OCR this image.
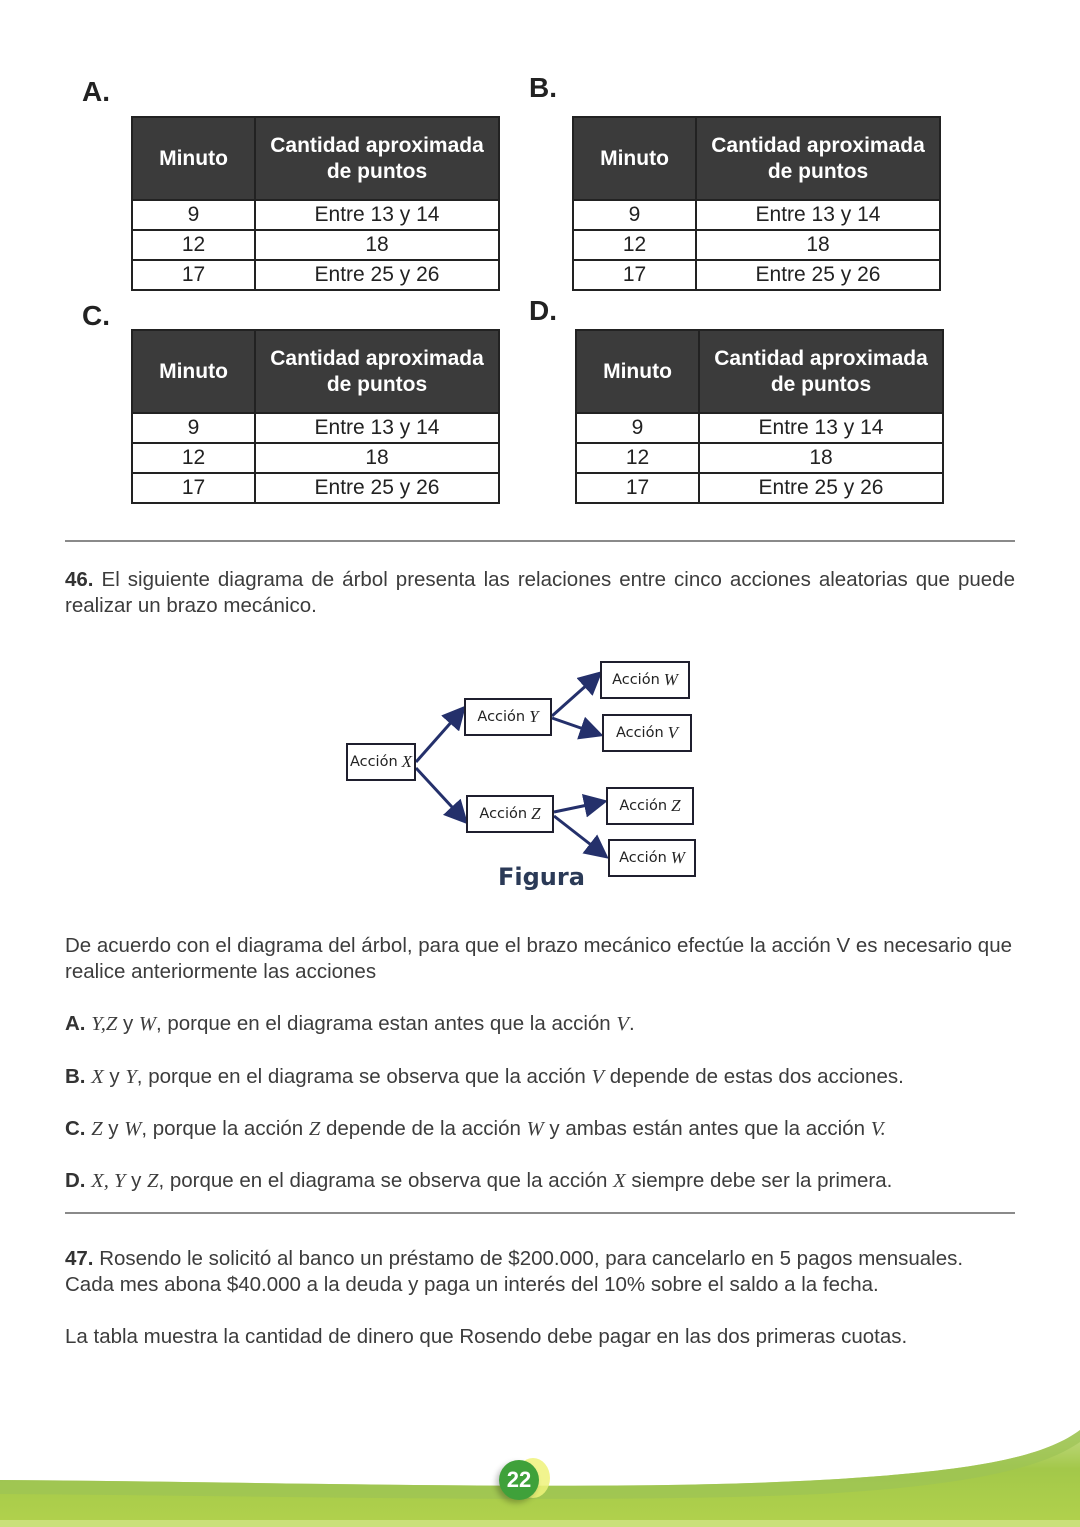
A.
Minuto	Cantidad aproximada
de puntos
9	Entre 13 y 14
12	18
17	Entre 25 y 26
B.
Minuto	Cantidad aproximada
de puntos
9	Entre 13 y 14
12	18
17	Entre 25 y 26
C.
Minuto	Cantidad aproximada
de puntos
9	Entre 13 y 14
12	18
17	Entre 25 y 26
D.
Minuto	Cantidad aproximada
de puntos
9	Entre 13 y 14
12	18
17	Entre 25 y 26

46. El siguiente diagrama de árbol presenta las relaciones entre cinco acciones aleatorias que puede realizar un brazo mecánico.

Acción X
Acción Y
Acción Z
Acción W
Acción V
Acción Z
Acción W
Figura

De acuerdo con el diagrama del árbol, para que el brazo mecánico efectúe la acción V es necesario que realice anteriormente las acciones

A. Y,Z y W, porque en el diagrama estan antes que la acción V.

B. X y Y, porque en el diagrama se observa que la acción V depende de estas dos acciones.

C. Z y W, porque la acción Z depende de la acción W y ambas están antes que la acción V.

D. X, Y y Z, porque en el diagrama se observa que la acción X siempre debe ser la primera.

47. Rosendo le solicitó al banco un préstamo de $200.000, para cancelarlo en 5 pagos mensuales. Cada mes abona $40.000 a la deuda y paga un interés del 10% sobre el saldo a la fecha.

La tabla muestra la cantidad de dinero que Rosendo debe pagar en las dos primeras cuotas.

22
